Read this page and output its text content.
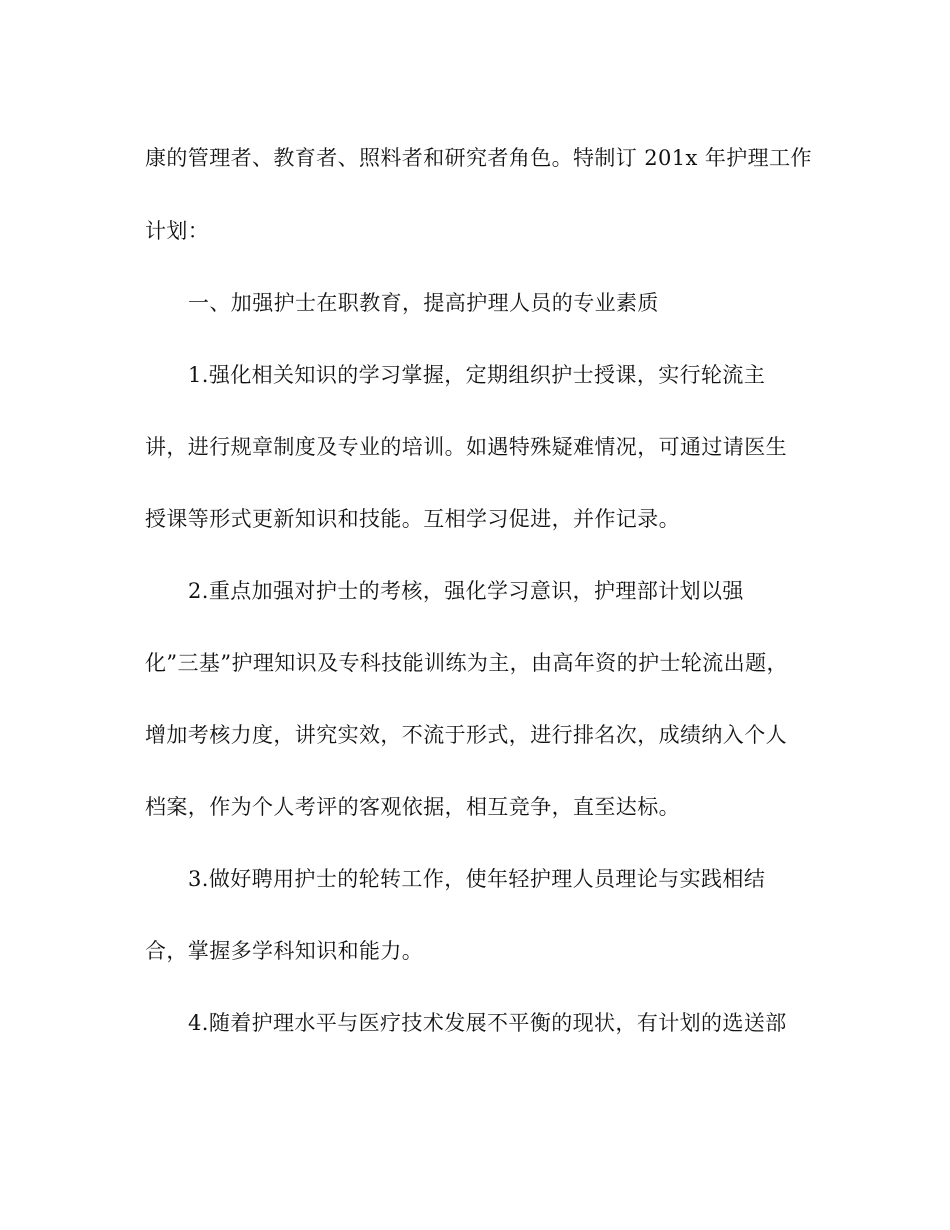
康的管理者、教育者、照料者和研究者角色。特制订 201x 年护理工作
计划：
一、加强护士在职教育，提高护理人员的专业素质
1.强化相关知识的学习掌握，定期组织护士授课，实行轮流主
讲，进行规章制度及专业的培训。如遇特殊疑难情况，可通过请医生
授课等形式更新知识和技能。互相学习促进，并作记录。
2.重点加强对护士的考核，强化学习意识，护理部计划以强
化”三基”护理知识及专科技能训练为主，由高年资的护士轮流出题，
增加考核力度，讲究实效，不流于形式，进行排名次，成绩纳入个人
档案，作为个人考评的客观依据，相互竞争，直至达标。
3.做好聘用护士的轮转工作，使年轻护理人员理论与实践相结
合，掌握多学科知识和能力。
4.随着护理水平与医疗技术发展不平衡的现状，有计划的选送部
